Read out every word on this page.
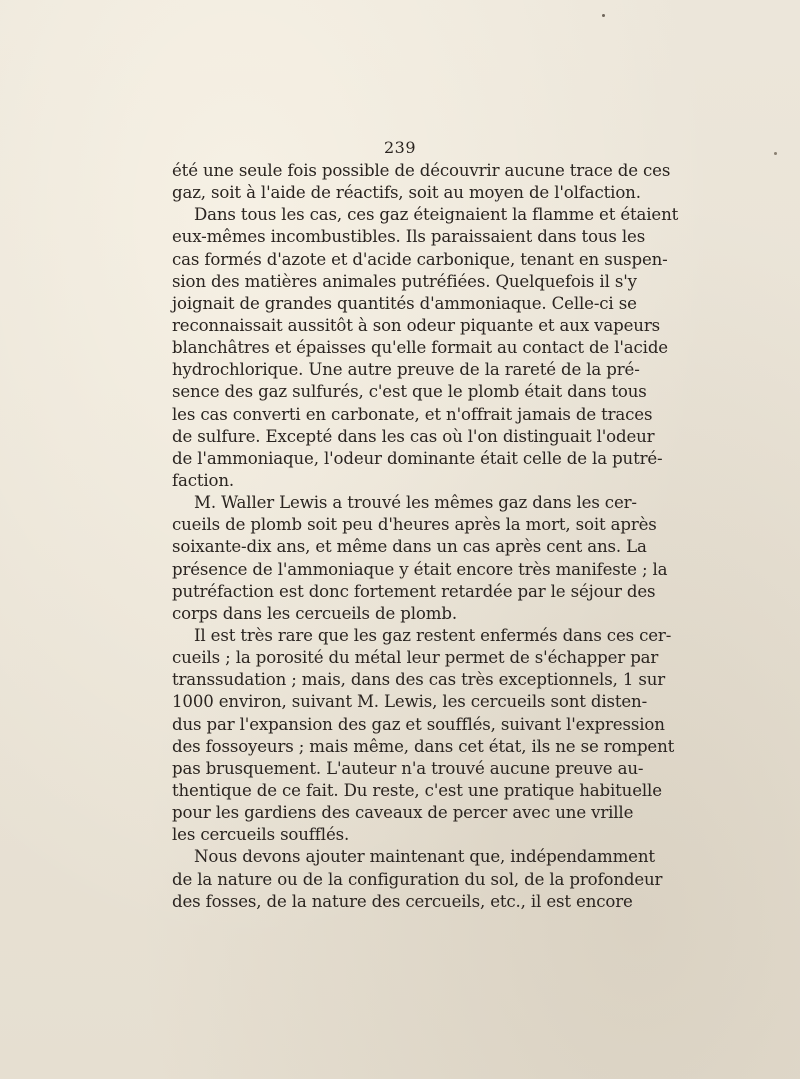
239
été une seule fois possible de découvrir aucune trace de ces
gaz, soit à l'aide de réactifs, soit au moyen de l'olfaction.
Dans tous les cas, ces gaz éteignaient la flamme et étaient
eux-mêmes incombustibles. Ils paraissaient dans tous les
cas formés d'azote et d'acide carbonique, tenant en suspen-
sion des matières animales putréfiées. Quelquefois il s'y
joignait de grandes quantités d'ammoniaque. Celle-ci se
reconnaissait aussitôt à son odeur piquante et aux vapeurs
blanchâtres et épaisses qu'elle formait au contact de l'acide
hydrochlorique. Une autre preuve de la rareté de la pré-
sence des gaz sulfurés, c'est que le plomb était dans tous
les cas converti en carbonate, et n'offrait jamais de traces
de sulfure. Excepté dans les cas où l'on distinguait l'odeur
de l'ammoniaque, l'odeur dominante était celle de la putré-
faction.
M. Waller Lewis a trouvé les mêmes gaz dans les cer-
cueils de plomb soit peu d'heures après la mort, soit après
soixante-dix ans, et même dans un cas après cent ans. La
présence de l'ammoniaque y était encore très manifeste ; la
putréfaction est donc fortement retardée par le séjour des
corps dans les cercueils de plomb.
Il est très rare que les gaz restent enfermés dans ces cer-
cueils ; la porosité du métal leur permet de s'échapper par
transsudation ; mais, dans des cas très exceptionnels, 1 sur
1000 environ, suivant M. Lewis, les cercueils sont disten-
dus par l'expansion des gaz et soufflés, suivant l'expression
des fossoyeurs ; mais même, dans cet état, ils ne se rompent
pas brusquement. L'auteur n'a trouvé aucune preuve au-
thentique de ce fait. Du reste, c'est une pratique habituelle
pour les gardiens des caveaux de percer avec une vrille
les cercueils soufflés.
Nous devons ajouter maintenant que, indépendamment
de la nature ou de la configuration du sol, de la profondeur
des fosses, de la nature des cercueils, etc., il est encore
